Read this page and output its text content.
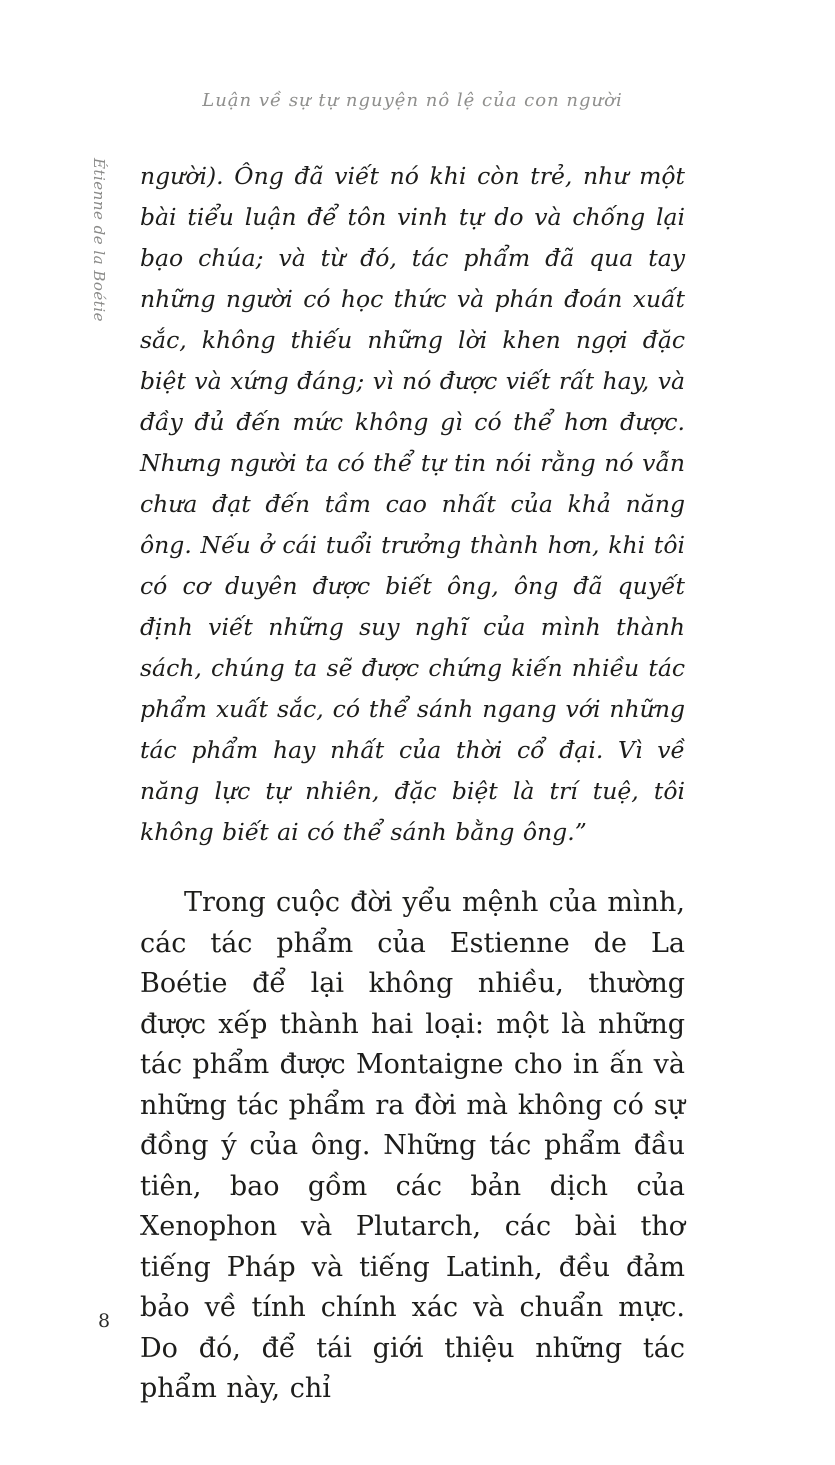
Luận về sự tự nguyện nô lệ của con người
Étienne de la Boétie người). Ông đã viết nó khi còn trẻ, như một bài tiểu luận để tôn vinh tự do và chống lại bạo chúa; và từ đó, tác phẩm đã qua tay những người có học thức và phán đoán xuất sắc, không thiếu những lời khen ngợi đặc biệt và xứng đáng; vì nó được viết rất hay, và đầy đủ đến mức không gì có thể hơn được. Nhưng người ta có thể tự tin nói rằng nó vẫn chưa đạt đến tầm cao nhất của khả năng ông. Nếu ở cái tuổi trưởng thành hơn, khi tôi có cơ duyên được biết ông, ông đã quyết định viết những suy nghĩ của mình thành sách, chúng ta sẽ được chứng kiến nhiều tác phẩm xuất sắc, có thể sánh ngang với những tác phẩm hay nhất của thời cổ đại. Vì về năng lực tự nhiên, đặc biệt là trí tuệ, tôi không biết ai có thể sánh bằng ông.”

Trong cuộc đời yểu mệnh của mình, các tác phẩm của Estienne de La Boétie để lại không nhiều, thường được xếp thành hai loại: một là những tác phẩm được Montaigne cho in ấn và những tác phẩm ra đời mà không có sự đồng ý của ông. Những tác phẩm đầu tiên, bao gồm các bản dịch của Xenophon và Plutarch, các bài thơ tiếng Pháp và tiếng Latinh, đều đảm bảo về tính chính xác và chuẩn mực. Do đó, để tái giới thiệu những tác phẩm này, chỉ

8
